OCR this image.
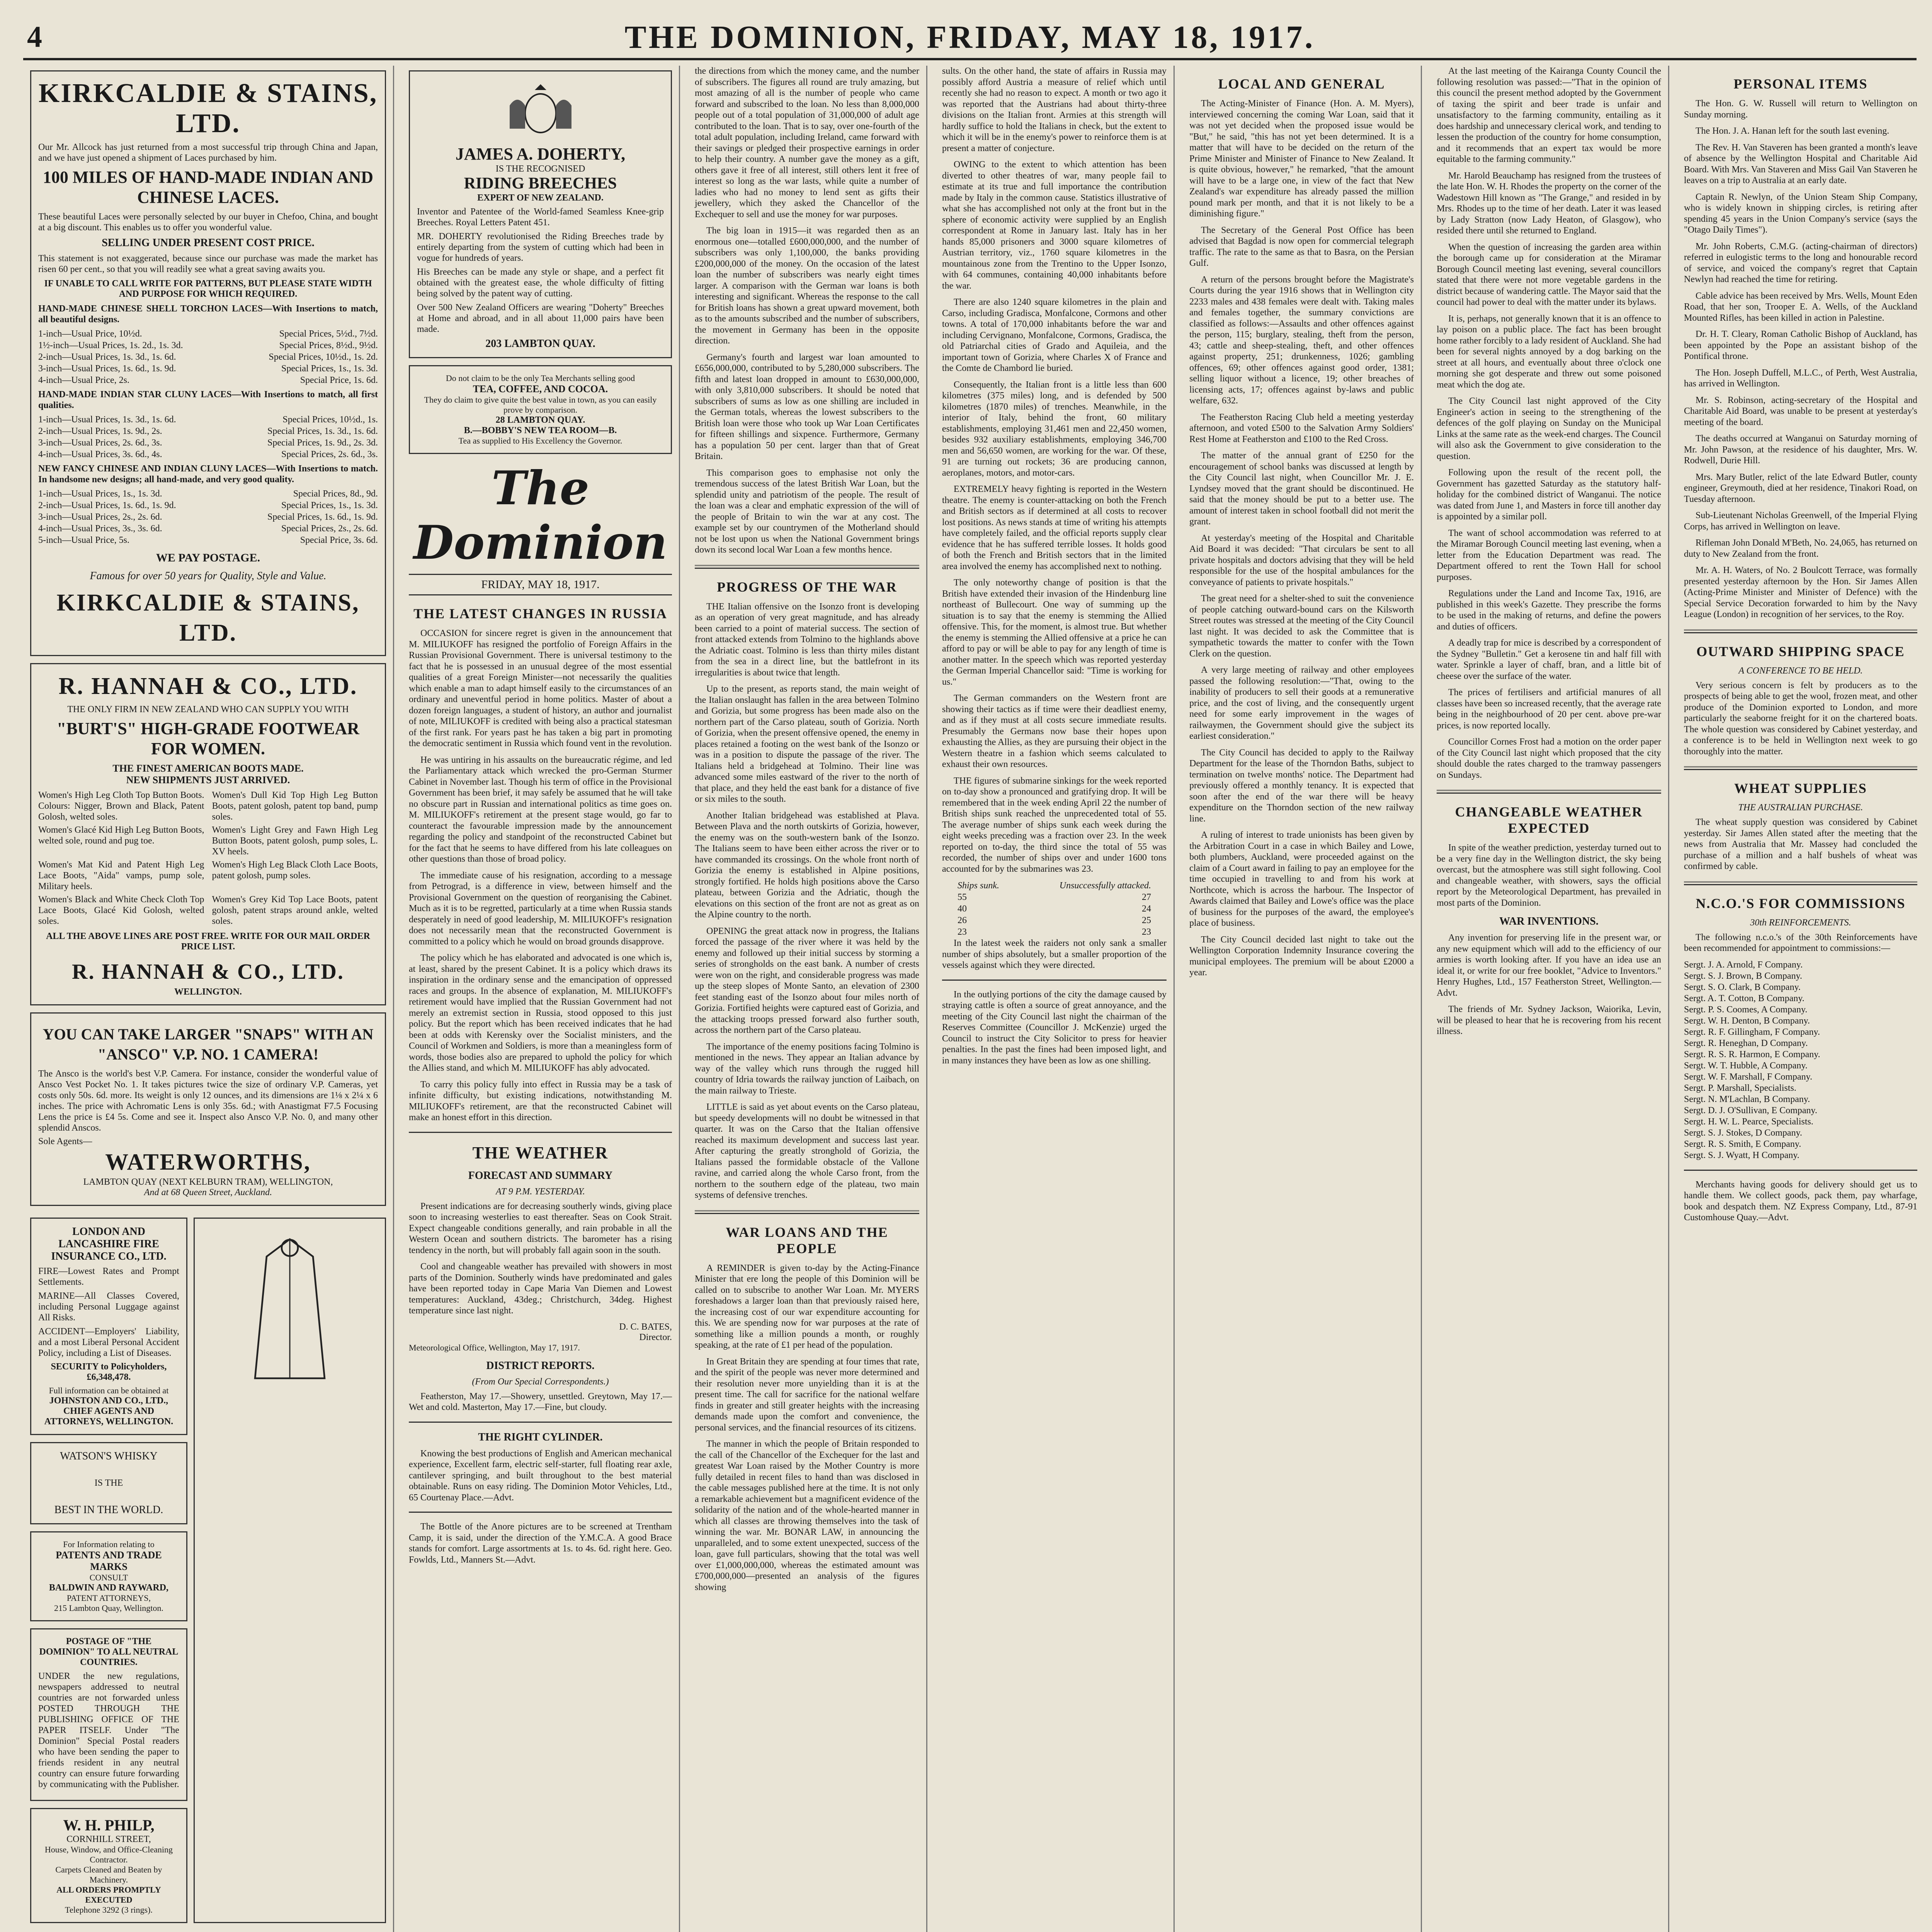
4	THE DOMINION, FRIDAY, MAY 18, 1917.
KIRKCALDIE & STAINS, LTD.

Our Mr. Allcock has just returned from a most successful trip through China and Japan, and we have just opened a shipment of Laces purchased by him.

100 MILES OF HAND-MADE INDIAN AND CHINESE LACES.

These beautiful Laces were personally selected by our buyer in Chefoo, China, and bought at a big discount. This enables us to offer you wonderful value.

SELLING UNDER PRESENT COST PRICE.

This statement is not exaggerated, because since our purchase was made the market has risen 60 per cent., so that you will readily see what a great saving awaits you.

IF UNABLE TO CALL WRITE FOR PATTERNS, BUT PLEASE STATE WIDTH AND PURPOSE FOR WHICH REQUIRED.

HAND-MADE CHINESE SHELL TORCHON LACES—With Insertions to match, all beautiful designs.

1-inch—Usual Price, 10½d.	Special Prices, 5½d., 7½d.
1½-inch—Usual Prices, 1s. 2d., 1s. 3d.	Special Prices, 8½d., 9½d.
2-inch—Usual Prices, 1s. 3d., 1s. 6d.	Special Prices, 10½d., 1s. 2d.
3-inch—Usual Prices, 1s. 6d., 1s. 9d.	Special Prices, 1s., 1s. 3d.
4-inch—Usual Price, 2s.	Special Price, 1s. 6d.

HAND-MADE INDIAN STAR CLUNY LACES—With Insertions to match, all first qualities.

1-inch—Usual Prices, 1s. 3d., 1s. 6d.	Special Prices, 10½d., 1s.
2-inch—Usual Prices, 1s. 9d., 2s.	Special Prices, 1s. 3d., 1s. 6d.
3-inch—Usual Prices, 2s. 6d., 3s.	Special Prices, 1s. 9d., 2s. 3d.
4-inch—Usual Prices, 3s. 6d., 4s.	Special Prices, 2s. 6d., 3s.

NEW FANCY CHINESE AND INDIAN CLUNY LACES—With Insertions to match. In handsome new designs; all hand-made, and very good quality.

1-inch—Usual Prices, 1s., 1s. 3d.	Special Prices, 8d., 9d.
2-inch—Usual Prices, 1s. 6d., 1s. 9d.	Special Prices, 1s., 1s. 3d.
3-inch—Usual Prices, 2s., 2s. 6d.	Special Prices, 1s. 6d., 1s. 9d.
4-inch—Usual Prices, 3s., 3s. 6d.	Special Prices, 2s., 2s. 6d.
5-inch—Usual Price, 5s.	Special Price, 3s. 6d.
WE PAY POSTAGE.
Famous for over 50 years for Quality, Style and Value.
KIRKCALDIE & STAINS, LTD.
R. HANNAH & CO., LTD.
THE ONLY FIRM IN NEW ZEALAND WHO CAN SUPPLY YOU WITH
"BURT'S" HIGH-GRADE FOOTWEAR FOR WOMEN.
THE FINEST AMERICAN BOOTS MADE.
NEW SHIPMENTS JUST ARRIVED.
Women's High Leg Cloth Top Button Boots. Colours: Nigger, Brown and Black, Patent Golosh, welted soles.
Women's Dull Kid Top High Leg Button Boots, patent golosh, patent top band, pump soles.
Women's Glacé Kid High Leg Button Boots, welted sole, round and pug toe.
Women's Light Grey and Fawn High Leg Button Boots, patent golosh, pump soles, L. XV heels.
Women's Mat Kid and Patent High Leg Lace Boots, "Aida" vamps, pump sole, Military heels.
Women's High Leg Black Cloth Lace Boots, patent golosh, pump soles.
Women's Black and White Check Cloth Top Lace Boots, Glacé Kid Golosh, welted soles.
Women's Grey Kid Top Lace Boots, patent golosh, patent straps around ankle, welted soles.
ALL THE ABOVE LINES ARE POST FREE. WRITE FOR OUR MAIL ORDER PRICE LIST.
R. HANNAH & CO., LTD.
WELLINGTON.
YOU CAN TAKE LARGER "SNAPS" WITH AN "ANSCO" V.P. NO. 1 CAMERA!

The Ansco is the world's best V.P. Camera. For instance, consider the wonderful value of Ansco Vest Pocket No. 1. It takes pictures twice the size of ordinary V.P. Cameras, yet costs only 50s. 6d. more. Its weight is only 12 ounces, and its dimensions are 1⅛ x 2¼ x 6 inches. The price with Achromatic Lens is only 35s. 6d.; with Anastigmat F7.5 Focusing Lens the price is £4 5s. Come and see it. Inspect also Ansco V.P. No. 0, and many other splendid Anscos.

Sole Agents—
WATERWORTHS,
LAMBTON QUAY (NEXT KELBURN TRAM), WELLINGTON,
And at 68 Queen Street, Auckland.
LONDON AND LANCASHIRE FIRE INSURANCE CO., LTD.
FIRE—Lowest Rates and Prompt Settlements.
MARINE—All Classes Covered, including Personal Luggage against All Risks.
ACCIDENT—Employers' Liability, and a most Liberal Personal Accident Policy, including a List of Diseases.
SECURITY to Policyholders, £6,348,478.
Full information can be obtained at
JOHNSTON AND CO., LTD., CHIEF AGENTS AND ATTORNEYS, WELLINGTON.
WATSON'S WHISKY
IS THE
BEST IN THE WORLD.
For Information relating to
PATENTS AND TRADE MARKS
CONSULT
BALDWIN AND RAYWARD,
PATENT ATTORNEYS,
215 Lambton Quay, Wellington.
POSTAGE OF "THE DOMINION" TO ALL NEUTRAL COUNTRIES.

UNDER the new regulations, newspapers addressed to neutral countries are not forwarded unless POSTED THROUGH THE PUBLISHING OFFICE OF THE PAPER ITSELF. Under "The Dominion" Special Postal readers who have been sending the paper to friends resident in any neutral country can ensure future forwarding by communicating with the Publisher.

W. H. PHILP,
CORNHILL STREET,
House, Window, and Office-Cleaning Contractor.
Carpets Cleaned and Beaten by Machinery.
ALL ORDERS PROMPTLY EXECUTED
Telephone 3292 (3 rings).
JAMES A. DOHERTY,
IS THE RECOGNISED
RIDING BREECHES
EXPERT OF NEW ZEALAND.

Inventor and Patentee of the World-famed Seamless Knee-grip Breeches. Royal Letters Patent 451.

MR. DOHERTY revolutionised the Riding Breeches trade by entirely departing from the system of cutting which had been in vogue for hundreds of years.

His Breeches can be made any style or shape, and a perfect fit obtained with the greatest ease, the whole difficulty of fitting being solved by the patent way of cutting.

Over 500 New Zealand Officers are wearing "Doherty" Breeches at Home and abroad, and in all about 11,000 pairs have been made.

203 LAMBTON QUAY.
Do not claim to be the only Tea Merchants selling good
TEA, COFFEE, AND COCOA.
They do claim to give quite the best value in town, as you can easily prove by comparison.
28 LAMBTON QUAY.
B.—BOBBY'S NEW TEA ROOM—B.
Tea as supplied to His Excellency the Governor.
The Dominion
FRIDAY, MAY 18, 1917.
THE LATEST CHANGES IN RUSSIA

OCCASION for sincere regret is given in the announcement that M. MILIUKOFF has resigned the portfolio of Foreign Affairs in the Russian Provisional Government. There is universal testimony to the fact that he is possessed in an unusual degree of the most essential qualities of a great Foreign Minister—not necessarily the qualities which enable a man to adapt himself easily to the circumstances of an ordinary and uneventful period in home politics. Master of about a dozen foreign languages, a student of history, an author and journalist of note, MILIUKOFF is credited with being also a practical statesman of the first rank. For years past he has taken a big part in promoting the democratic sentiment in Russia which found vent in the revolution.

He was untiring in his assaults on the bureaucratic régime, and led the Parliamentary attack which wrecked the pro-German Sturmer Cabinet in November last. Though his term of office in the Provisional Government has been brief, it may safely be assumed that he will take no obscure part in Russian and international politics as time goes on. M. MILIUKOFF's retirement at the present stage would, go far to counteract the favourable impression made by the announcement regarding the policy and standpoint of the reconstructed Cabinet but for the fact that he seems to have differed from his late colleagues on other questions than those of broad policy.

The immediate cause of his resignation, according to a message from Petrograd, is a difference in view, between himself and the Provisional Government on the question of reorganising the Cabinet. Much as it is to be regretted, particularly at a time when Russia stands desperately in need of good leadership, M. MILIUKOFF's resignation does not necessarily mean that the reconstructed Government is committed to a policy which he would on broad grounds disapprove.

The policy which he has elaborated and advocated is one which is, at least, shared by the present Cabinet. It is a policy which draws its inspiration in the ordinary sense and the emancipation of oppressed races and groups. In the absence of explanation, M. MILIUKOFF's retirement would have implied that the Russian Government had not merely an extremist section in Russia, stood opposed to this just policy. But the report which has been received indicates that he had been at odds with Kerensky over the Socialist ministers, and the Council of Workmen and Soldiers, is more than a meaningless form of words, those bodies also are prepared to uphold the policy for which the Allies stand, and which M. MILIUKOFF has ably advocated.

To carry this policy fully into effect in Russia may be a task of infinite difficulty, but existing indications, notwithstanding M. MILIUKOFF's retirement, are that the reconstructed Cabinet will make an honest effort in this direction.

THE WEATHER
FORECAST AND SUMMARY
AT 9 P.M. YESTERDAY.

Present indications are for decreasing southerly winds, giving place soon to increasing westerlies to east thereafter. Seas on Cook Strait. Expect changeable conditions generally, and rain probable in all the Western Ocean and southern districts. The barometer has a rising tendency in the north, but will probably fall again soon in the south.

Cool and changeable weather has prevailed with showers in most parts of the Dominion. Southerly winds have predominated and gales have been reported today in Cape Maria Van Diemen and Lowest temperatures: Auckland, 43deg.; Christchurch, 34deg. Highest temperature since last night.

D. C. BATES,
Director.
Meteorological Office, Wellington, May 17, 1917.
DISTRICT REPORTS.
(From Our Special Correspondents.)

Featherston, May 17.—Showery, unsettled. Greytown, May 17.—Wet and cold. Masterton, May 17.—Fine, but cloudy.

THE RIGHT CYLINDER.

Knowing the best productions of English and American mechanical experience, Excellent farm, electric self-starter, full floating rear axle, cantilever springing, and built throughout to the best material obtainable. Runs on easy riding. The Dominion Motor Vehicles, Ltd., 65 Courtenay Place.—Advt.

The Bottle of the Anore pictures are to be screened at Trentham Camp, it is said, under the direction of the Y.M.C.A. A good Brace stands for comfort. Large assortments at 1s. to 4s. 6d. right here. Geo. Fowlds, Ltd., Manners St.—Advt.

the directions from which the money came, and the number of subscribers. The figures all round are truly amazing, but most amazing of all is the number of people who came forward and subscribed to the loan. No less than 8,000,000 people out of a total population of 31,000,000 of adult age contributed to the loan. That is to say, over one-fourth of the total adult population, including Ireland, came forward with their savings or pledged their prospective earnings in order to help their country. A number gave the money as a gift, others gave it free of all interest, still others lent it free of interest so long as the war lasts, while quite a number of ladies who had no money to lend sent as gifts their jewellery, which they asked the Chancellor of the Exchequer to sell and use the money for war purposes.

The big loan in 1915—it was regarded then as an enormous one—totalled £600,000,000, and the number of subscribers was only 1,100,000, the banks providing £200,000,000 of the money. On the occasion of the latest loan the number of subscribers was nearly eight times larger. A comparison with the German war loans is both interesting and significant. Whereas the response to the call for British loans has shown a great upward movement, both as to the amounts subscribed and the number of subscribers, the movement in Germany has been in the opposite direction.

Germany's fourth and largest war loan amounted to £656,000,000, contributed to by 5,280,000 subscribers. The fifth and latest loan dropped in amount to £630,000,000, with only 3,810,000 subscribers. It should be noted that subscribers of sums as low as one shilling are included in the German totals, whereas the lowest subscribers to the British loan were those who took up War Loan Certificates for fifteen shillings and sixpence. Furthermore, Germany has a population 50 per cent. larger than that of Great Britain.

This comparison goes to emphasise not only the tremendous success of the latest British War Loan, but the splendid unity and patriotism of the people. The result of the loan was a clear and emphatic expression of the will of the people of Britain to win the war at any cost. The example set by our countrymen of the Motherland should not be lost upon us when the National Government brings down its second local War Loan a few months hence.

PROGRESS OF THE WAR

THE Italian offensive on the Isonzo front is developing as an operation of very great magnitude, and has already been carried to a point of material success. The section of front attacked extends from Tolmino to the highlands above the Adriatic coast. Tolmino is less than thirty miles distant from the sea in a direct line, but the battlefront in its irregularities is about twice that length.

Up to the present, as reports stand, the main weight of the Italian onslaught has fallen in the area between Tolmino and Gorizia, but some progress has been made also on the northern part of the Carso plateau, south of Gorizia. North of Gorizia, when the present offensive opened, the enemy in places retained a footing on the west bank of the Isonzo or was in a position to dispute the passage of the river. The Italians held a bridgehead at Tolmino. Their line was advanced some miles eastward of the river to the north of that place, and they held the east bank for a distance of five or six miles to the south.

Another Italian bridgehead was established at Plava. Between Plava and the north outskirts of Gorizia, however, the enemy was on the south-western bank of the Isonzo. The Italians seem to have been either across the river or to have commanded its crossings. On the whole front north of Gorizia the enemy is established in Alpine positions, strongly fortified. He holds high positions above the Carso plateau, between Gorizia and the Adriatic, though the elevations on this section of the front are not as great as on the Alpine country to the north.

OPENING the great attack now in progress, the Italians forced the passage of the river where it was held by the enemy and followed up their initial success by storming a series of strongholds on the east bank. A number of crests were won on the right, and considerable progress was made up the steep slopes of Monte Santo, an elevation of 2300 feet standing east of the Isonzo about four miles north of Gorizia. Fortified heights were captured east of Gorizia, and the attacking troops pressed forward also further south, across the northern part of the Carso plateau.

The importance of the enemy positions facing Tolmino is mentioned in the news. They appear an Italian advance by way of the valley which runs through the rugged hill country of Idria towards the railway junction of Laibach, on the main railway to Trieste.

LITTLE is said as yet about events on the Carso plateau, but speedy developments will no doubt be witnessed in that quarter. It was on the Carso that the Italian offensive reached its maximum development and success last year. After capturing the greatly stronghold of Gorizia, the Italians passed the formidable obstacle of the Vallone ravine, and carried along the whole Carso front, from the northern to the southern edge of the plateau, two main systems of defensive trenches.

WAR LOANS AND THE PEOPLE

A REMINDER is given to-day by the Acting-Finance Minister that ere long the people of this Dominion will be called on to subscribe to another War Loan. Mr. MYERS foreshadows a larger loan than that previously raised here, the increasing cost of our war expenditure accounting for this. We are spending now for war purposes at the rate of something like a million pounds a month, or roughly speaking, at the rate of £1 per head of the population.

In Great Britain they are spending at four times that rate, and the spirit of the people was never more determined and their resolution never more unyielding than it is at the present time. The call for sacrifice for the national welfare finds in greater and still greater heights with the increasing demands made upon the comfort and convenience, the personal services, and the financial resources of its citizens.

The manner in which the people of Britain responded to the call of the Chancellor of the Exchequer for the last and greatest War Loan raised by the Mother Country is more fully detailed in recent files to hand than was disclosed in the cable messages published here at the time. It is not only a remarkable achievement but a magnificent evidence of the solidarity of the nation and of the whole-hearted manner in which all classes are throwing themselves into the task of winning the war. Mr. BONAR LAW, in announcing the unparalleled, and to some extent unexpected, success of the loan, gave full particulars, showing that the total was well over £1,000,000,000, whereas the estimated amount was £700,000,000—presented an analysis of the figures showing

sults. On the other hand, the state of affairs in Russia may possibly afford Austria a measure of relief which until recently she had no reason to expect. A month or two ago it was reported that the Austrians had about thirty-three divisions on the Italian front. Armies at this strength will hardly suffice to hold the Italians in check, but the extent to which it will be in the enemy's power to reinforce them is at present a matter of conjecture.

OWING to the extent to which attention has been diverted to other theatres of war, many people fail to estimate at its true and full importance the contribution made by Italy in the common cause. Statistics illustrative of what she has accomplished not only at the front but in the sphere of economic activity were supplied by an English correspondent at Rome in January last. Italy has in her hands 85,000 prisoners and 3000 square kilometres of Austrian territory, viz., 1760 square kilometres in the mountainous zone from the Trentino to the Upper Isonzo, with 64 communes, containing 40,000 inhabitants before the war.

There are also 1240 square kilometres in the plain and Carso, including Gradisca, Monfalcone, Cormons and other towns. A total of 170,000 inhabitants before the war and including Cervignano, Monfalcone, Cormons, Gradisca, the old Patriarchal cities of Grado and Aquileia, and the important town of Gorizia, where Charles X of France and the Comte de Chambord lie buried.

Consequently, the Italian front is a little less than 600 kilometres (375 miles) long, and is defended by 500 kilometres (1870 miles) of trenches. Meanwhile, in the interior of Italy, behind the front, 60 military establishments, employing 31,461 men and 22,450 women, besides 932 auxiliary establishments, employing 346,700 men and 56,650 women, are working for the war. Of these, 91 are turning out rockets; 36 are producing cannon, aeroplanes, motors, and motor-cars.

EXTREMELY heavy fighting is reported in the Western theatre. The enemy is counter-attacking on both the French and British sectors as if determined at all costs to recover lost positions. As news stands at time of writing his attempts have completely failed, and the official reports supply clear evidence that he has suffered terrible losses. It holds good of both the French and British sectors that in the limited area involved the enemy has accomplished next to nothing.

The only noteworthy change of position is that the British have extended their invasion of the Hindenburg line northeast of Bullecourt. One way of summing up the situation is to say that the enemy is stemming the Allied offensive. This, for the moment, is almost true. But whether the enemy is stemming the Allied offensive at a price he can afford to pay or will be able to pay for any length of time is another matter. In the speech which was reported yesterday the German Imperial Chancellor said: "Time is working for us."

The German commanders on the Western front are showing their tactics as if time were their deadliest enemy, and as if they must at all costs secure immediate results. Presumably the Germans now base their hopes upon exhausting the Allies, as they are pursuing their object in the Western theatre in a fashion which seems calculated to exhaust their own resources.

THE figures of submarine sinkings for the week reported on to-day show a pronounced and gratifying drop. It will be remembered that in the week ending April 22 the number of British ships sunk reached the unprecedented total of 55. The average number of ships sunk each week during the eight weeks preceding was a fraction over 23. In the week reported on to-day, the third since the total of 55 was recorded, the number of ships over and under 1600 tons accounted for by the submarines was 23.

Ships sunk.	Unsuccessfully attacked.
55	27
40	24
26	25
23	23

In the latest week the raiders not only sank a smaller number of ships absolutely, but a smaller proportion of the vessels against which they were directed.

In the outlying portions of the city the damage caused by straying cattle is often a source of great annoyance, and the meeting of the City Council last night the chairman of the Reserves Committee (Councillor J. McKenzie) urged the Council to instruct the City Solicitor to press for heavier penalties. In the past the fines had been imposed light, and in many instances they have been as low as one shilling.

LOCAL AND GENERAL

The Acting-Minister of Finance (Hon. A. M. Myers), interviewed concerning the coming War Loan, said that it was not yet decided when the proposed issue would be "But," he said, "this has not yet been determined. It is a matter that will have to be decided on the return of the Prime Minister and Minister of Finance to New Zealand. It is quite obvious, however," he remarked, "that the amount will have to be a large one, in view of the fact that New Zealand's war expenditure has already passed the million pound mark per month, and that it is not likely to be a diminishing figure."

The Secretary of the General Post Office has been advised that Bagdad is now open for commercial telegraph traffic. The rate to the same as that to Basra, on the Persian Gulf.

A return of the persons brought before the Magistrate's Courts during the year 1916 shows that in Wellington city 2233 males and 438 females were dealt with. Taking males and females together, the summary convictions are classified as follows:—Assaults and other offences against the person, 115; burglary, stealing, theft from the person, 43; cattle and sheep-stealing, theft, and other offences against property, 251; drunkenness, 1026; gambling offences, 69; other offences against good order, 1381; selling liquor without a licence, 19; other breaches of licensing acts, 17; offences against by-laws and public welfare, 632.

The Featherston Racing Club held a meeting yesterday afternoon, and voted £500 to the Salvation Army Soldiers' Rest Home at Featherston and £100 to the Red Cross.

The matter of the annual grant of £250 for the encouragement of school banks was discussed at length by the City Council last night, when Councillor Mr. J. E. Lyndsey moved that the grant should be discontinued. He said that the money should be put to a better use. The amount of interest taken in school football did not merit the grant.

At yesterday's meeting of the Hospital and Charitable Aid Board it was decided: "That circulars be sent to all private hospitals and doctors advising that they will be held responsible for the use of the hospital ambulances for the conveyance of patients to private hospitals."

The great need for a shelter-shed to suit the convenience of people catching outward-bound cars on the Kilsworth Street routes was stressed at the meeting of the City Council last night. It was decided to ask the Committee that is sympathetic towards the matter to confer with the Town Clerk on the question.

A very large meeting of railway and other employees passed the following resolution:—"That, owing to the inability of producers to sell their goods at a remunerative price, and the cost of living, and the consequently urgent need for some early improvement in the wages of railwaymen, the Government should give the subject its earliest consideration."

The City Council has decided to apply to the Railway Department for the lease of the Thorndon Baths, subject to termination on twelve months' notice. The Department had previously offered a monthly tenancy. It is expected that soon after the end of the war there will be heavy expenditure on the Thorndon section of the new railway line.

A ruling of interest to trade unionists has been given by the Arbitration Court in a case in which Bailey and Lowe, both plumbers, Auckland, were proceeded against on the claim of a Court award in failing to pay an employee for the time occupied in travelling to and from his work at Northcote, which is across the harbour. The Inspector of Awards claimed that Bailey and Lowe's office was the place of business for the purposes of the award, the employee's place of business.

The City Council decided last night to take out the Wellington Corporation Indemnity Insurance covering the municipal employees. The premium will be about £2000 a year.

At the last meeting of the Kairanga County Council the following resolution was passed:—"That in the opinion of this council the present method adopted by the Government of taxing the spirit and beer trade is unfair and unsatisfactory to the farming community, entailing as it does hardship and unnecessary clerical work, and tending to lessen the production of the country for home consumption, and it recommends that an expert tax would be more equitable to the farming community."

Mr. Harold Beauchamp has resigned from the trustees of the late Hon. W. H. Rhodes the property on the corner of the Wadestown Hill known as "The Grange," and resided in by Mrs. Rhodes up to the time of her death. Later it was leased by Lady Stratton (now Lady Heaton, of Glasgow), who resided there until she returned to England.

When the question of increasing the garden area within the borough came up for consideration at the Miramar Borough Council meeting last evening, several councillors stated that there were not more vegetable gardens in the district because of wandering cattle. The Mayor said that the council had power to deal with the matter under its bylaws.

It is, perhaps, not generally known that it is an offence to lay poison on a public place. The fact has been brought home rather forcibly to a lady resident of Auckland. She had been for several nights annoyed by a dog barking on the street at all hours, and eventually about three o'clock one morning she got desperate and threw out some poisoned meat which the dog ate.

The City Council last night approved of the City Engineer's action in seeing to the strengthening of the defences of the golf playing on Sunday on the Municipal Links at the same rate as the week-end charges. The Council will also ask the Government to give consideration to the question.

Following upon the result of the recent poll, the Government has gazetted Saturday as the statutory half-holiday for the combined district of Wanganui. The notice was dated from June 1, and Masters in force till another day is appointed by a similar poll.

The want of school accommodation was referred to at the Miramar Borough Council meeting last evening, when a letter from the Education Department was read. The Department offered to rent the Town Hall for school purposes.

Regulations under the Land and Income Tax, 1916, are published in this week's Gazette. They prescribe the forms to be used in the making of returns, and define the powers and duties of officers.

A deadly trap for mice is described by a correspondent of the Sydney "Bulletin." Get a kerosene tin and half fill with water. Sprinkle a layer of chaff, bran, and a little bit of cheese over the surface of the water.

The prices of fertilisers and artificial manures of all classes have been so increased recently, that the average rate being in the neighbourhood of 20 per cent. above pre-war prices, is now reported locally.

Councillor Cornes Frost had a motion on the order paper of the City Council last night which proposed that the city should double the rates charged to the tramway passengers on Sundays.

CHANGEABLE WEATHER EXPECTED

In spite of the weather prediction, yesterday turned out to be a very fine day in the Wellington district, the sky being overcast, but the atmosphere was still sight following. Cool and changeable weather, with showers, says the official report by the Meteorological Department, has prevailed in most parts of the Dominion.

WAR INVENTIONS.

Any invention for preserving life in the present war, or any new equipment which will add to the efficiency of our armies is worth looking after. If you have an idea use an ideal it, or write for our free booklet, "Advice to Inventors." Henry Hughes, Ltd., 157 Featherston Street, Wellington.—Advt.

The friends of Mr. Sydney Jackson, Waiorika, Levin, will be pleased to hear that he is recovering from his recent illness.

PERSONAL ITEMS

The Hon. G. W. Russell will return to Wellington on Sunday morning.

The Hon. J. A. Hanan left for the south last evening.

The Rev. H. Van Staveren has been granted a month's leave of absence by the Wellington Hospital and Charitable Aid Board. With Mrs. Van Staveren and Miss Gail Van Staveren he leaves on a trip to Australia at an early date.

Captain R. Newlyn, of the Union Steam Ship Company, who is widely known in shipping circles, is retiring after spending 45 years in the Union Company's service (says the "Otago Daily Times").

Mr. John Roberts, C.M.G. (acting-chairman of directors) referred in eulogistic terms to the long and honourable record of service, and voiced the company's regret that Captain Newlyn had reached the time for retiring.

Cable advice has been received by Mrs. Wells, Mount Eden Road, that her son, Trooper E. A. Wells, of the Auckland Mounted Rifles, has been killed in action in Palestine.

Dr. H. T. Cleary, Roman Catholic Bishop of Auckland, has been appointed by the Pope an assistant bishop of the Pontifical throne.

The Hon. Joseph Duffell, M.L.C., of Perth, West Australia, has arrived in Wellington.

Mr. S. Robinson, acting-secretary of the Hospital and Charitable Aid Board, was unable to be present at yesterday's meeting of the board.

The deaths occurred at Wanganui on Saturday morning of Mr. John Pawson, at the residence of his daughter, Mrs. W. Rodwell, Durie Hill.

Mrs. Mary Butler, relict of the late Edward Butler, county engineer, Greymouth, died at her residence, Tinakori Road, on Tuesday afternoon.

Sub-Lieutenant Nicholas Greenwell, of the Imperial Flying Corps, has arrived in Wellington on leave.

Rifleman John Donald M'Beth, No. 24,065, has returned on duty to New Zealand from the front.

Mr. A. H. Waters, of No. 2 Boulcott Terrace, was formally presented yesterday afternoon by the Hon. Sir James Allen (Acting-Prime Minister and Minister of Defence) with the Special Service Decoration forwarded to him by the Navy League (London) in recognition of her services, to the Roy.

OUTWARD SHIPPING SPACE
A CONFERENCE TO BE HELD.

Very serious concern is felt by producers as to the prospects of being able to get the wool, frozen meat, and other produce of the Dominion exported to London, and more particularly the seaborne freight for it on the chartered boats. The whole question was considered by Cabinet yesterday, and a conference is to be held in Wellington next week to go thoroughly into the matter.

WHEAT SUPPLIES
THE AUSTRALIAN PURCHASE.

The wheat supply question was considered by Cabinet yesterday. Sir James Allen stated after the meeting that the news from Australia that Mr. Massey had concluded the purchase of a million and a half bushels of wheat was confirmed by cable.

N.C.O.'S FOR COMMISSIONS
30th REINFORCEMENTS.

The following n.c.o.'s of the 30th Reinforcements have been recommended for appointment to commissions:—

Sergt. J. A. Arnold, F Company.
Sergt. S. J. Brown, B Company.
Sergt. S. O. Clark, B Company.
Sergt. A. T. Cotton, B Company.
Sergt. P. S. Coomes, A Company.
Sergt. W. H. Denton, B Company.
Sergt. R. F. Gillingham, F Company.
Sergt. R. Heneghan, D Company.
Sergt. R. S. R. Harmon, E Company.
Sergt. W. T. Hubble, A Company.
Sergt. W. F. Marshall, F Company.
Sergt. P. Marshall, Specialists.
Sergt. N. M'Lachlan, B Company.
Sergt. D. J. O'Sullivan, E Company.
Sergt. H. W. L. Pearce, Specialists.
Sergt. S. J. Stokes, D Company.
Sergt. R. S. Smith, E Company.
Sergt. S. J. Wyatt, H Company.

Merchants having goods for delivery should get us to handle them. We collect goods, pack them, pay wharfage, book and despatch them. NZ Express Company, Ltd., 87-91 Customhouse Quay.—Advt.
